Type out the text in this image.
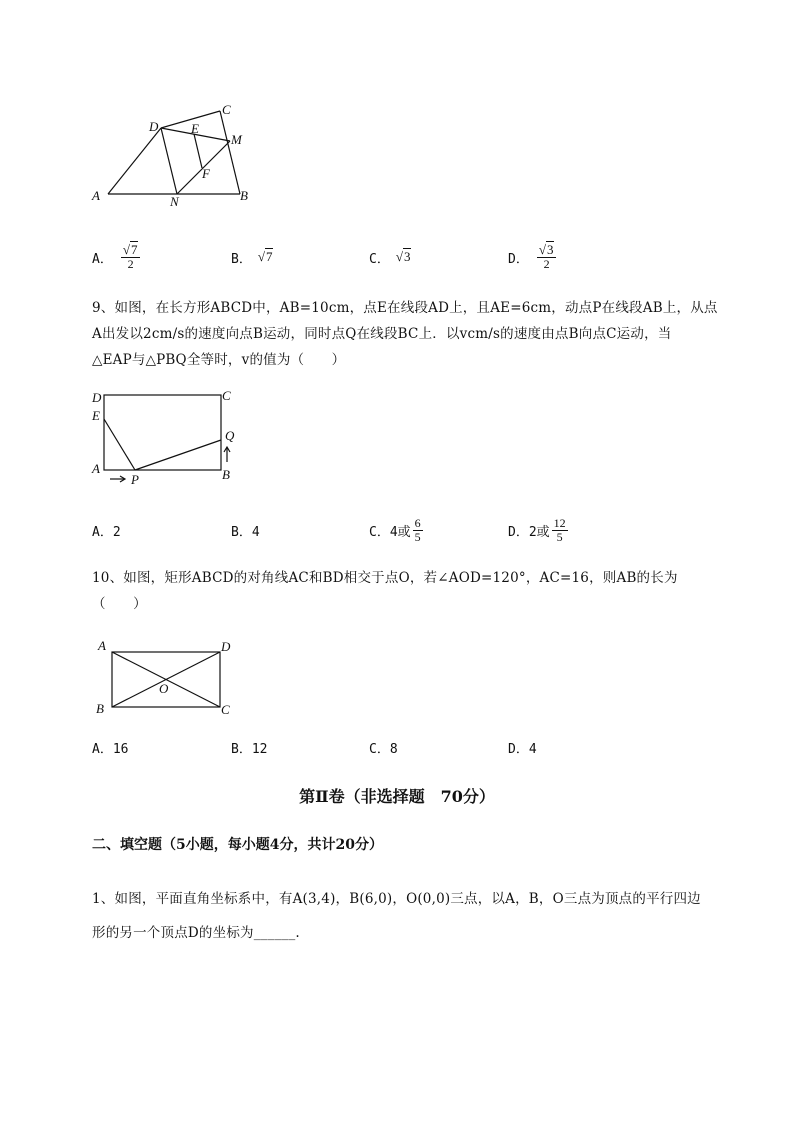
A	B
C
D	E
F
M
N
A． $\frac{√7}{2}$	B． √7	C． √3	D． $\frac{√3}{2}$
9、如图，在长方形ABCD中，AB=10cm，点E在线段AD上，且AE=6cm，动点P在线段AB上，从点
A出发以2cm/s的速度向点B运动，同时点Q在线段BC上．以vcm/s的速度由点B向点C运动，当
△EAP与△PBQ全等时，v的值为（　　）
A	B
C
D
E
P
Q
A．2	B．4	C．4或 $\frac{6}{5}$	D．2或 $\frac{12}{5}$
10、如图，矩形ABCD的对角线AC和BD相交于点O，若∠AOD=120°，AC=16，则AB的长为
（　　）
A
B	C
D
O
A．16	B．12	C．8	D．4
第Ⅱ卷（非选择题　70分）
二、填空题（5小题，每小题4分，共计20分）
1、如图，平面直角坐标系中，有A(3,4)，B(6,0)，O(0,0)三点，以A，B，O三点为顶点的平行四边
形的另一个顶点D的坐标为______.
